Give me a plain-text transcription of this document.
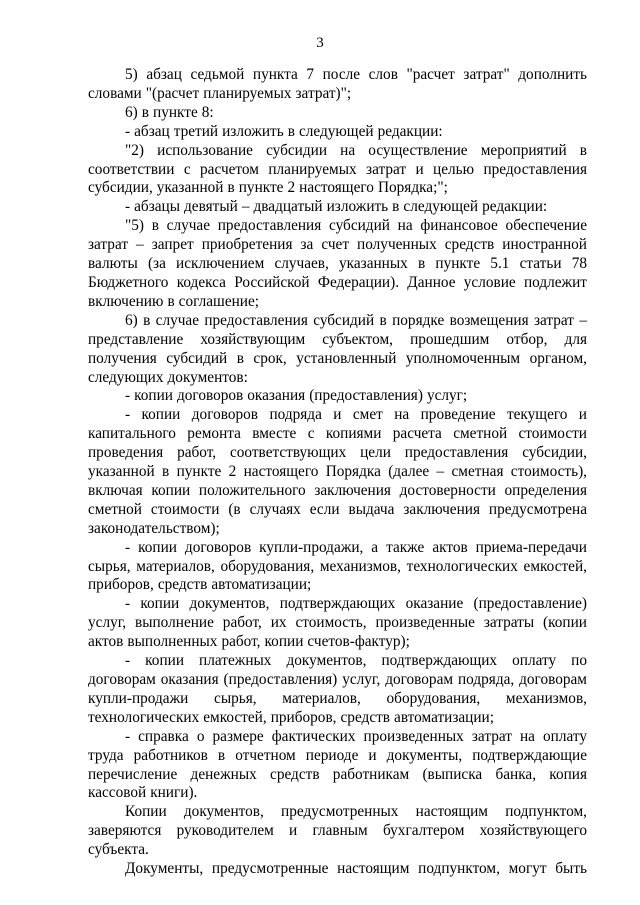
3

5) абзац седьмой пункта 7 после слов "расчет затрат" дополнить словами "(расчет планируемых затрат)";

6) в пункте 8:

- абзац третий изложить в следующей редакции:

"2) использование субсидии на осуществление мероприятий в соответствии с расчетом планируемых затрат и целью предоставления субсидии, указанной в пункте 2 настоящего Порядка;";

- абзацы девятый – двадцатый изложить в следующей редакции:

"5) в случае предоставления субсидий на финансовое обеспечение затрат – запрет приобретения за счет полученных средств иностранной валюты (за исключением случаев, указанных в пункте 5.1 статьи 78 Бюджетного кодекса Российской Федерации). Данное условие подлежит включению в соглашение;

6) в случае предоставления субсидий в порядке возмещения затрат – представление хозяйствующим субъектом, прошедшим отбор, для получения субсидий в срок, установленный уполномоченным органом, следующих документов:

- копии договоров оказания (предоставления) услуг;

- копии договоров подряда и смет на проведение текущего и капитального ремонта вместе с копиями расчета сметной стоимости проведения работ, соответствующих цели предоставления субсидии, указанной в пункте 2 настоящего Порядка (далее – сметная стоимость), включая копии положительного заключения достоверности определения сметной стоимости (в случаях если выдача заключения предусмотрена законодательством);

- копии договоров купли-продажи, а также актов приема-передачи сырья, материалов, оборудования, механизмов, технологических емкостей, приборов, средств автоматизации;

- копии документов, подтверждающих оказание (предоставление) услуг, выполнение работ, их стоимость, произведенные затраты (копии актов выполненных работ, копии счетов-фактур);

- копии платежных документов, подтверждающих оплату по договорам оказания (предоставления) услуг, договорам подряда, договорам купли-продажи сырья, материалов, оборудования, механизмов, технологических емкостей, приборов, средств автоматизации;

- справка о размере фактических произведенных затрат на оплату труда работников в отчетном периоде и документы, подтверждающие перечисление денежных средств работникам (выписка банка, копия кассовой книги).

Копии документов, предусмотренных настоящим подпунктом, заверяются руководителем и главным бухгалтером хозяйствующего субъекта.

Документы, предусмотренные настоящим подпунктом, могут быть
